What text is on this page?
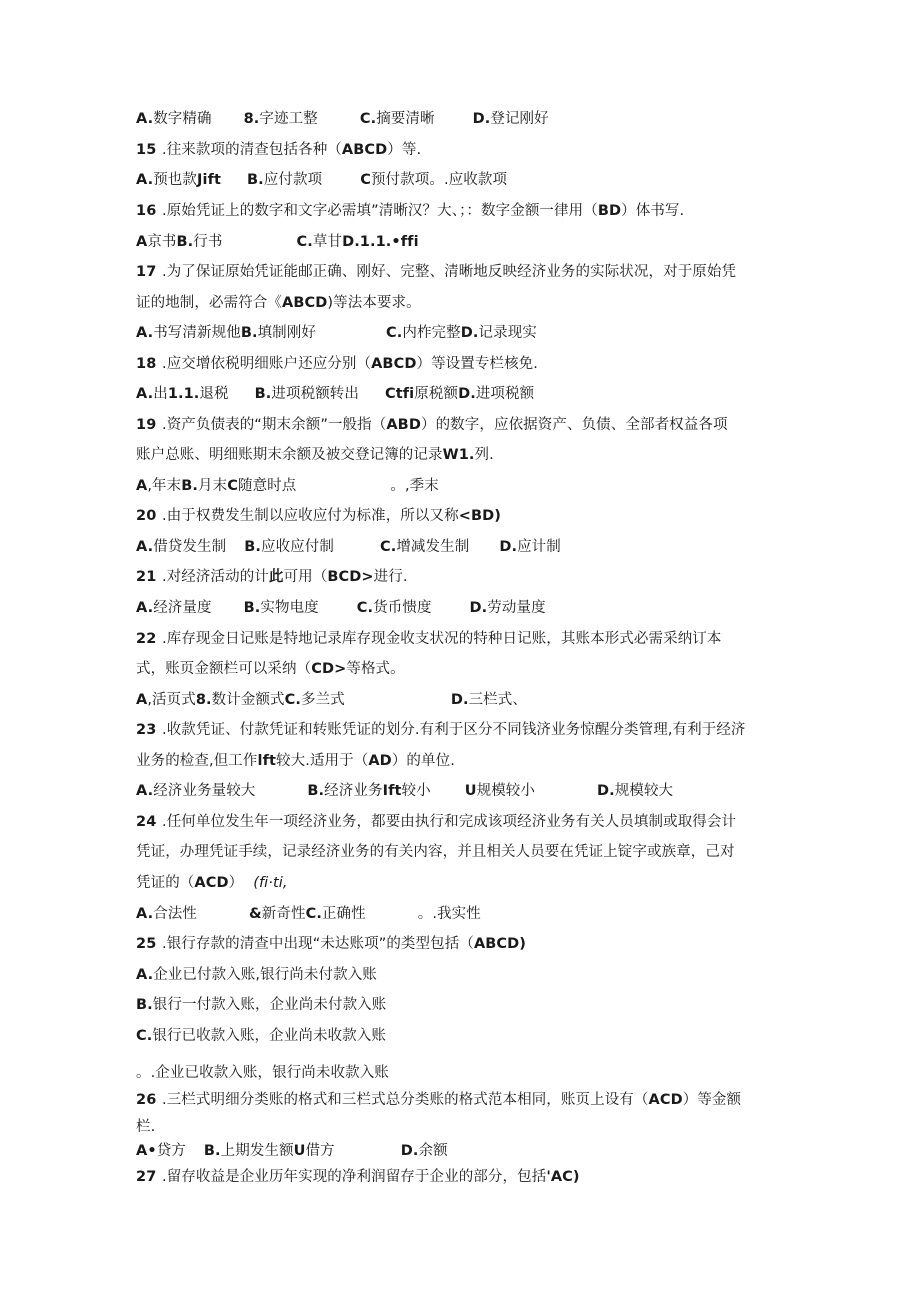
A.数字精确 8.字迹工整	C.摘要清晰	D.登记刚好
15 .往来款项的清查包括各种（ABCD）等.
A.预也款Jift B.应付款项	C预付款项。.应收款项
16 .原始凭证上的数字和文字必需填”清晰汉？大、；：数字金额一律用（BD）体书写.
A京书B.行书	C.草甘D.1.1.•ffi
17 .为了保证原始凭证能邮正确、刚好、完整、清晰地反映经济业务的实际状况，对于原始凭
证的地制，必需符合《ABCD)等法本要求。
A.书写清新规他B.填制刚好	C.内柞完整D.记录现实
18 .应交增依税明细账户还应分别（ABCD）等设置专栏核免.
A.出1.1.退税 B.进项税额转出 Ctfi原税额D.进项税额
19 .资产负债表的“期末余额”一般指（ABD）的数字，应依据资产、负债、全部者权益各项
账户总账、明细账期末余额及被交登记簿的记录W1.列.
A,年末B.月末C随意时点	。,季末
20 .由于权费发生制以应收应付为标准，所以又称<BD)
A.借贷发生制 B.应收应付制	C.增减发生制 D.应计制
21 .对经济活动的计此可用（BCD>进行.
A.经济量度 B.实物电度	C.货币愦度	D.劳动量度
22 .库存现金日记账是特地记录库存现金收支状况的特种日记账，其账本形式必需采纳订本
式，账页金额栏可以采纳（CD>等格式。
A,活页式8.数计金额式C.多兰式	D.三栏式、
23 .收款凭证、付款凭证和转账凭证的划分.有利于区分不同钱济业务惊醒分类管理,有利于经济
业务的检查,但工作lft较大.适用于（AD）的单位.
A.经济业务量较大	B.经济业务Ift较小 U规模较小	D.规模较大
24 .任何单位发生年一项经济业务，都要由执行和完成该项经济业务有关人员填制或取得会计
凭证，办理凭证手续，记录经济业务的有关内容，并且相关人员要在凭证上锭字或族章，己对
凭证的（ACD） (fi·ti,
A.合法性	&新奇性C.正确性	。.我实性
25 .银行存款的清查中出现“未达账项”的类型包括（ABCD)
A.企业已付款入账,银行尚未付款入账
B.银行一付款入账，企业尚未付款入账
C.银行已收款入账，企业尚未收款入账
。.企业已收款入账，银行尚未收款入账
26 .三栏式明细分类账的格式和三栏式总分类账的格式范本相同，账页上设有（ACD）等金额
栏.
A•贷方 B.上期发生额U借方	D.余额
27 .留存收益是企业历年实现的净利润留存于企业的部分，包括'AC)
